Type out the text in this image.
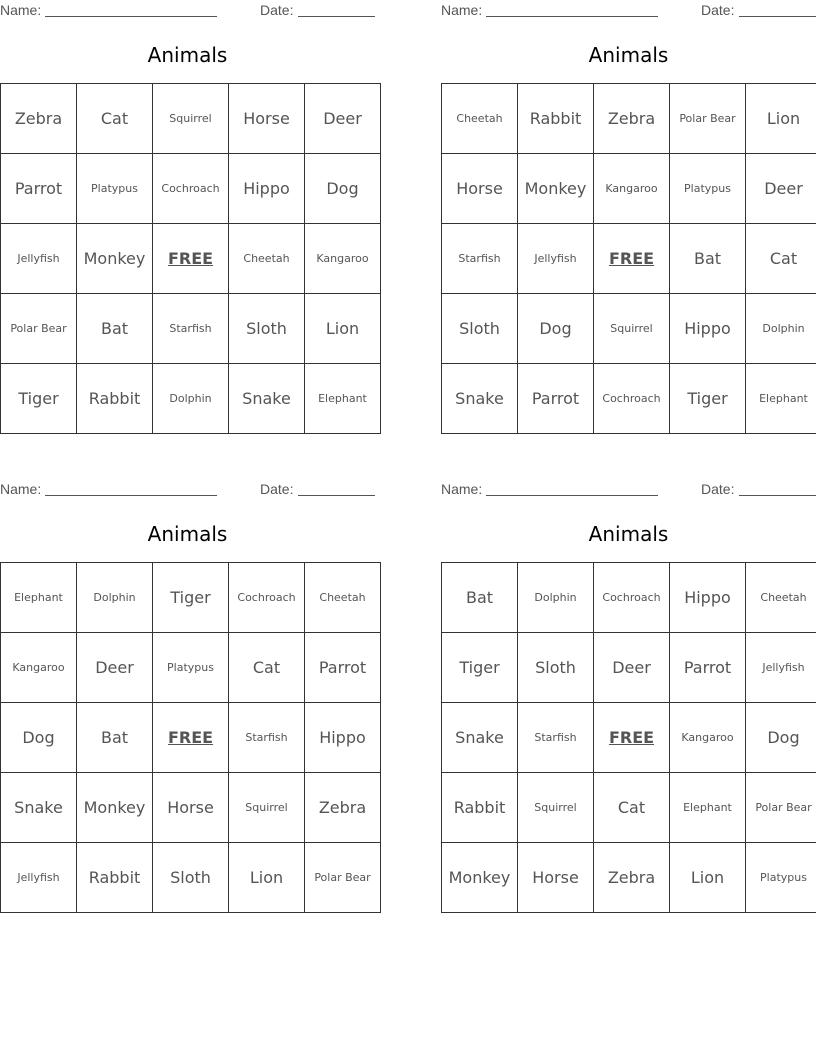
Name:	Date:
Animals
Zebra	Cat	Squirrel	Horse	Deer
Parrot	Platypus	Cochroach	Hippo	Dog
Jellyfish	Monkey	FREE	Cheetah	Kangaroo
Polar Bear	Bat	Starfish	Sloth	Lion
Tiger	Rabbit	Dolphin	Snake	Elephant
Name:	Date:
Animals
Cheetah	Rabbit	Zebra	Polar Bear	Lion
Horse	Monkey	Kangaroo	Platypus	Deer
Starfish	Jellyfish	FREE	Bat	Cat
Sloth	Dog	Squirrel	Hippo	Dolphin
Snake	Parrot	Cochroach	Tiger	Elephant
Name:	Date:
Animals
Elephant	Dolphin	Tiger	Cochroach	Cheetah
Kangaroo	Deer	Platypus	Cat	Parrot
Dog	Bat	FREE	Starfish	Hippo
Snake	Monkey	Horse	Squirrel	Zebra
Jellyfish	Rabbit	Sloth	Lion	Polar Bear
Name:	Date:
Animals
Bat	Dolphin	Cochroach	Hippo	Cheetah
Tiger	Sloth	Deer	Parrot	Jellyfish
Snake	Starfish	FREE	Kangaroo	Dog
Rabbit	Squirrel	Cat	Elephant	Polar Bear
Monkey	Horse	Zebra	Lion	Platypus
